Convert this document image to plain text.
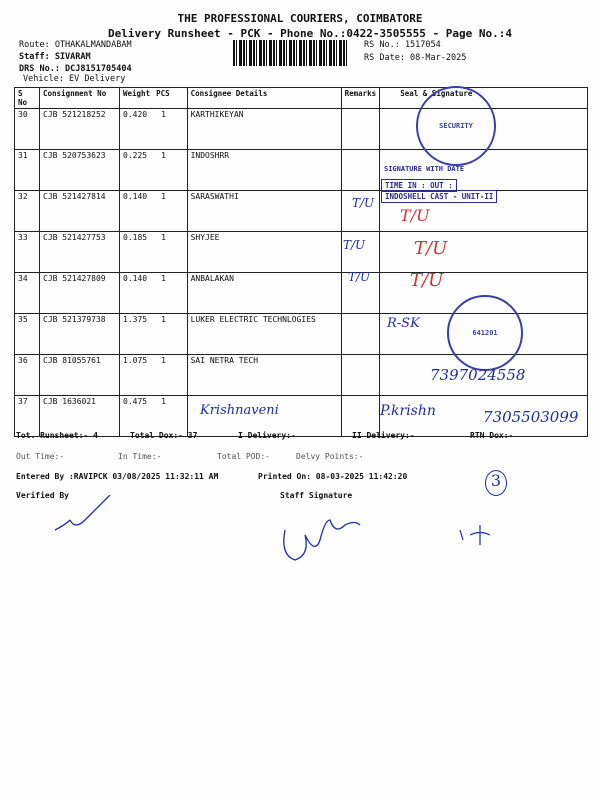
THE PROFESSIONAL COURIERS, COIMBATORE
Delivery Runsheet - PCK - Phone No.:0422-3505555 - Page No.:4
Route: OTHAKALMANDABAM
Staff: SIVARAM
DRS No.: DCJ8151705404
Vehicle: EV Delivery
RS No.: 1517054
RS Date: 08-Mar-2025
S No	Consignment No	Weight	PCS	Consignee Details	Remarks	Seal & Signature
30	CJB 521218252	0.420	1	KARTHIKEYAN		
31	CJB 520753623	0.225	1	INDOSHRR		
32	CJB 521427814	0.140	1	SARASWATHI		
33	CJB 521427753	0.185	1	SHYJEE		
34	CJB 521427809	0.140	1	ANBALAKAN		
35	CJB 521379738	1.375	1	LUKER ELECTRIC TECHNLOGIES		
36	CJB 81055761	1.075	1	SAI NETRA TECH		
37	CJB 1636021	0.475	1			
SECURITY
SIGNATURE WITH DATE
TIME IN : OUT :
INDOSHELL CAST - UNIT-II
641201
T/U
T/U
T/U	T/U
T/U T/U
R-SK
7397024558
Krishnaveni	P.krishn	7305503099
Tot. Runsheet:- 4	Total Dox:- 37	I Delivery:-	II Delivery:-	RTN Dox:-
Out Time:-	In Time:-	Total POD:-	Delvy Points:-
Entered By :RAVIPCK 03/08/2025 11:32:11 AM	Printed On: 08-03-2025 11:42:20
Verified By	Staff Signature
3
